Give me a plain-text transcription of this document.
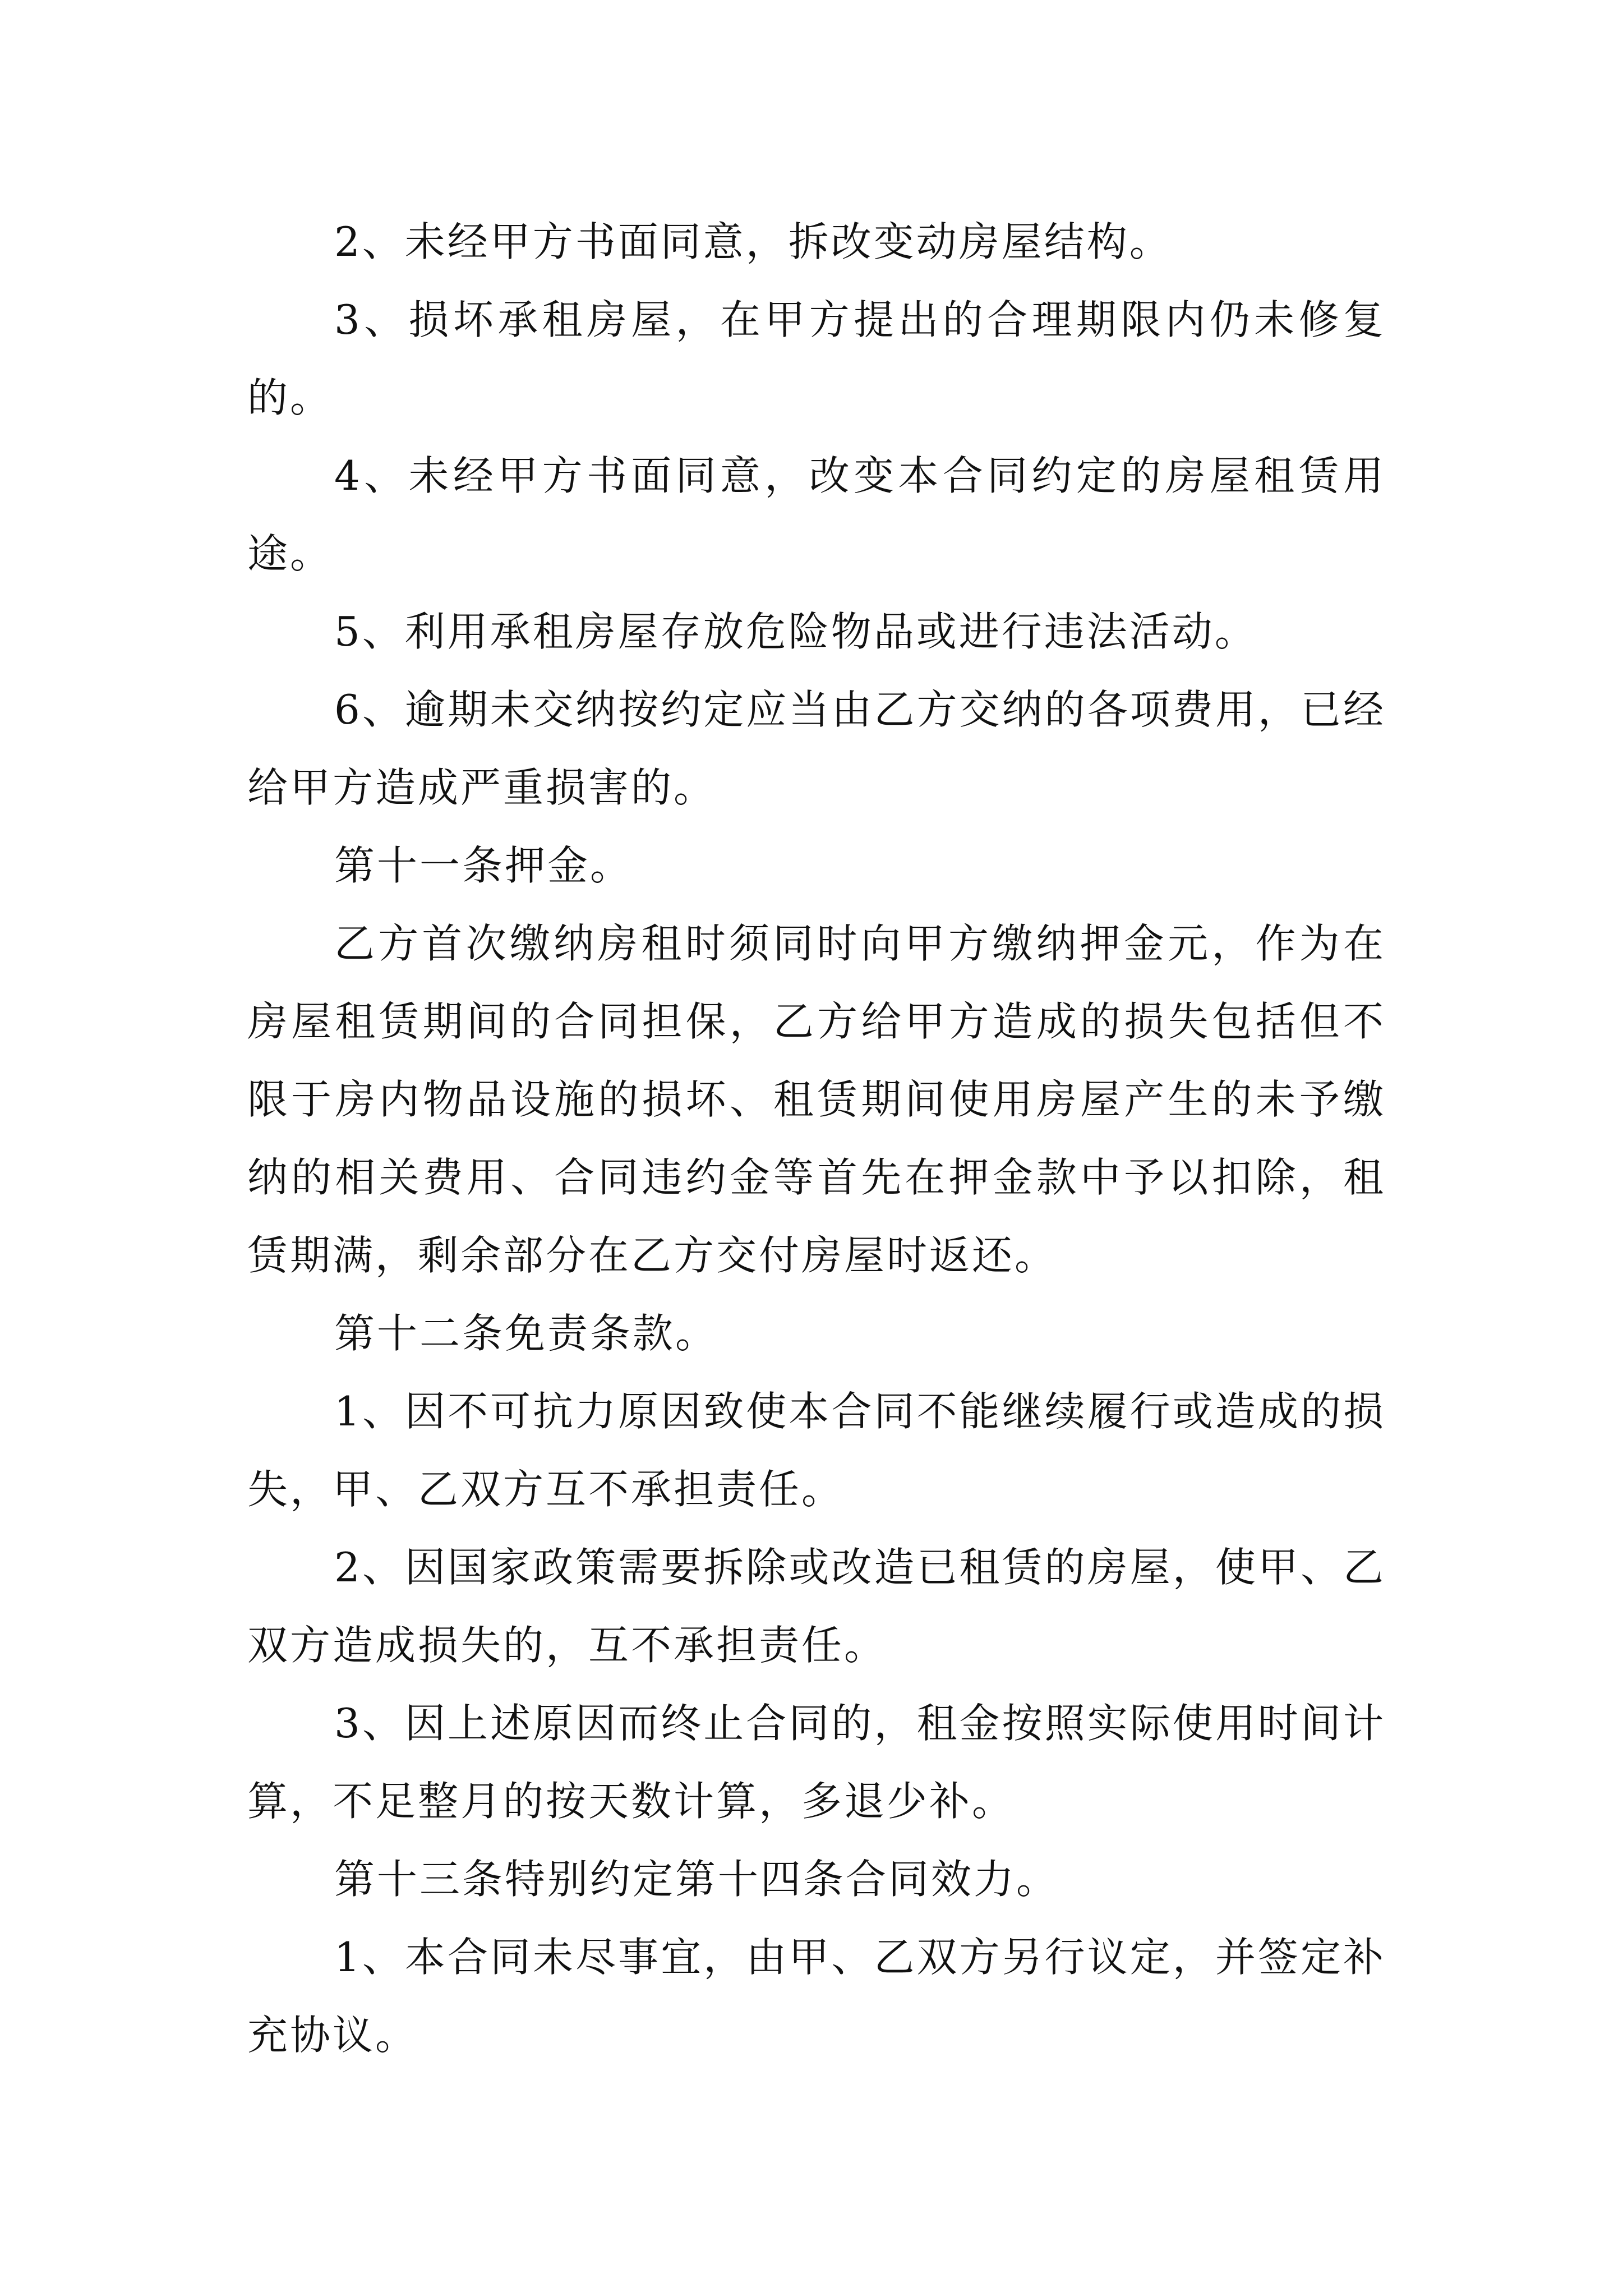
2、未经甲方书面同意，拆改变动房屋结构。

3、损坏承租房屋，在甲方提出的合理期限内仍未修复的。

4、未经甲方书面同意，改变本合同约定的房屋租赁用途。

5、利用承租房屋存放危险物品或进行违法活动。

6、逾期未交纳按约定应当由乙方交纳的各项费用，已经给甲方造成严重损害的。

第十一条押金。

乙方首次缴纳房租时须同时向甲方缴纳押金元，作为在房屋租赁期间的合同担保，乙方给甲方造成的损失包括但不限于房内物品设施的损坏、租赁期间使用房屋产生的未予缴纳的相关费用、合同违约金等首先在押金款中予以扣除，租赁期满，剩余部分在乙方交付房屋时返还。

第十二条免责条款。

1、因不可抗力原因致使本合同不能继续履行或造成的损失，甲、乙双方互不承担责任。

2、因国家政策需要拆除或改造已租赁的房屋，使甲、乙双方造成损失的，互不承担责任。

3、因上述原因而终止合同的，租金按照实际使用时间计算，不足整月的按天数计算，多退少补。

第十三条特别约定第十四条合同效力。

1、本合同未尽事宜，由甲、乙双方另行议定，并签定补充协议。
